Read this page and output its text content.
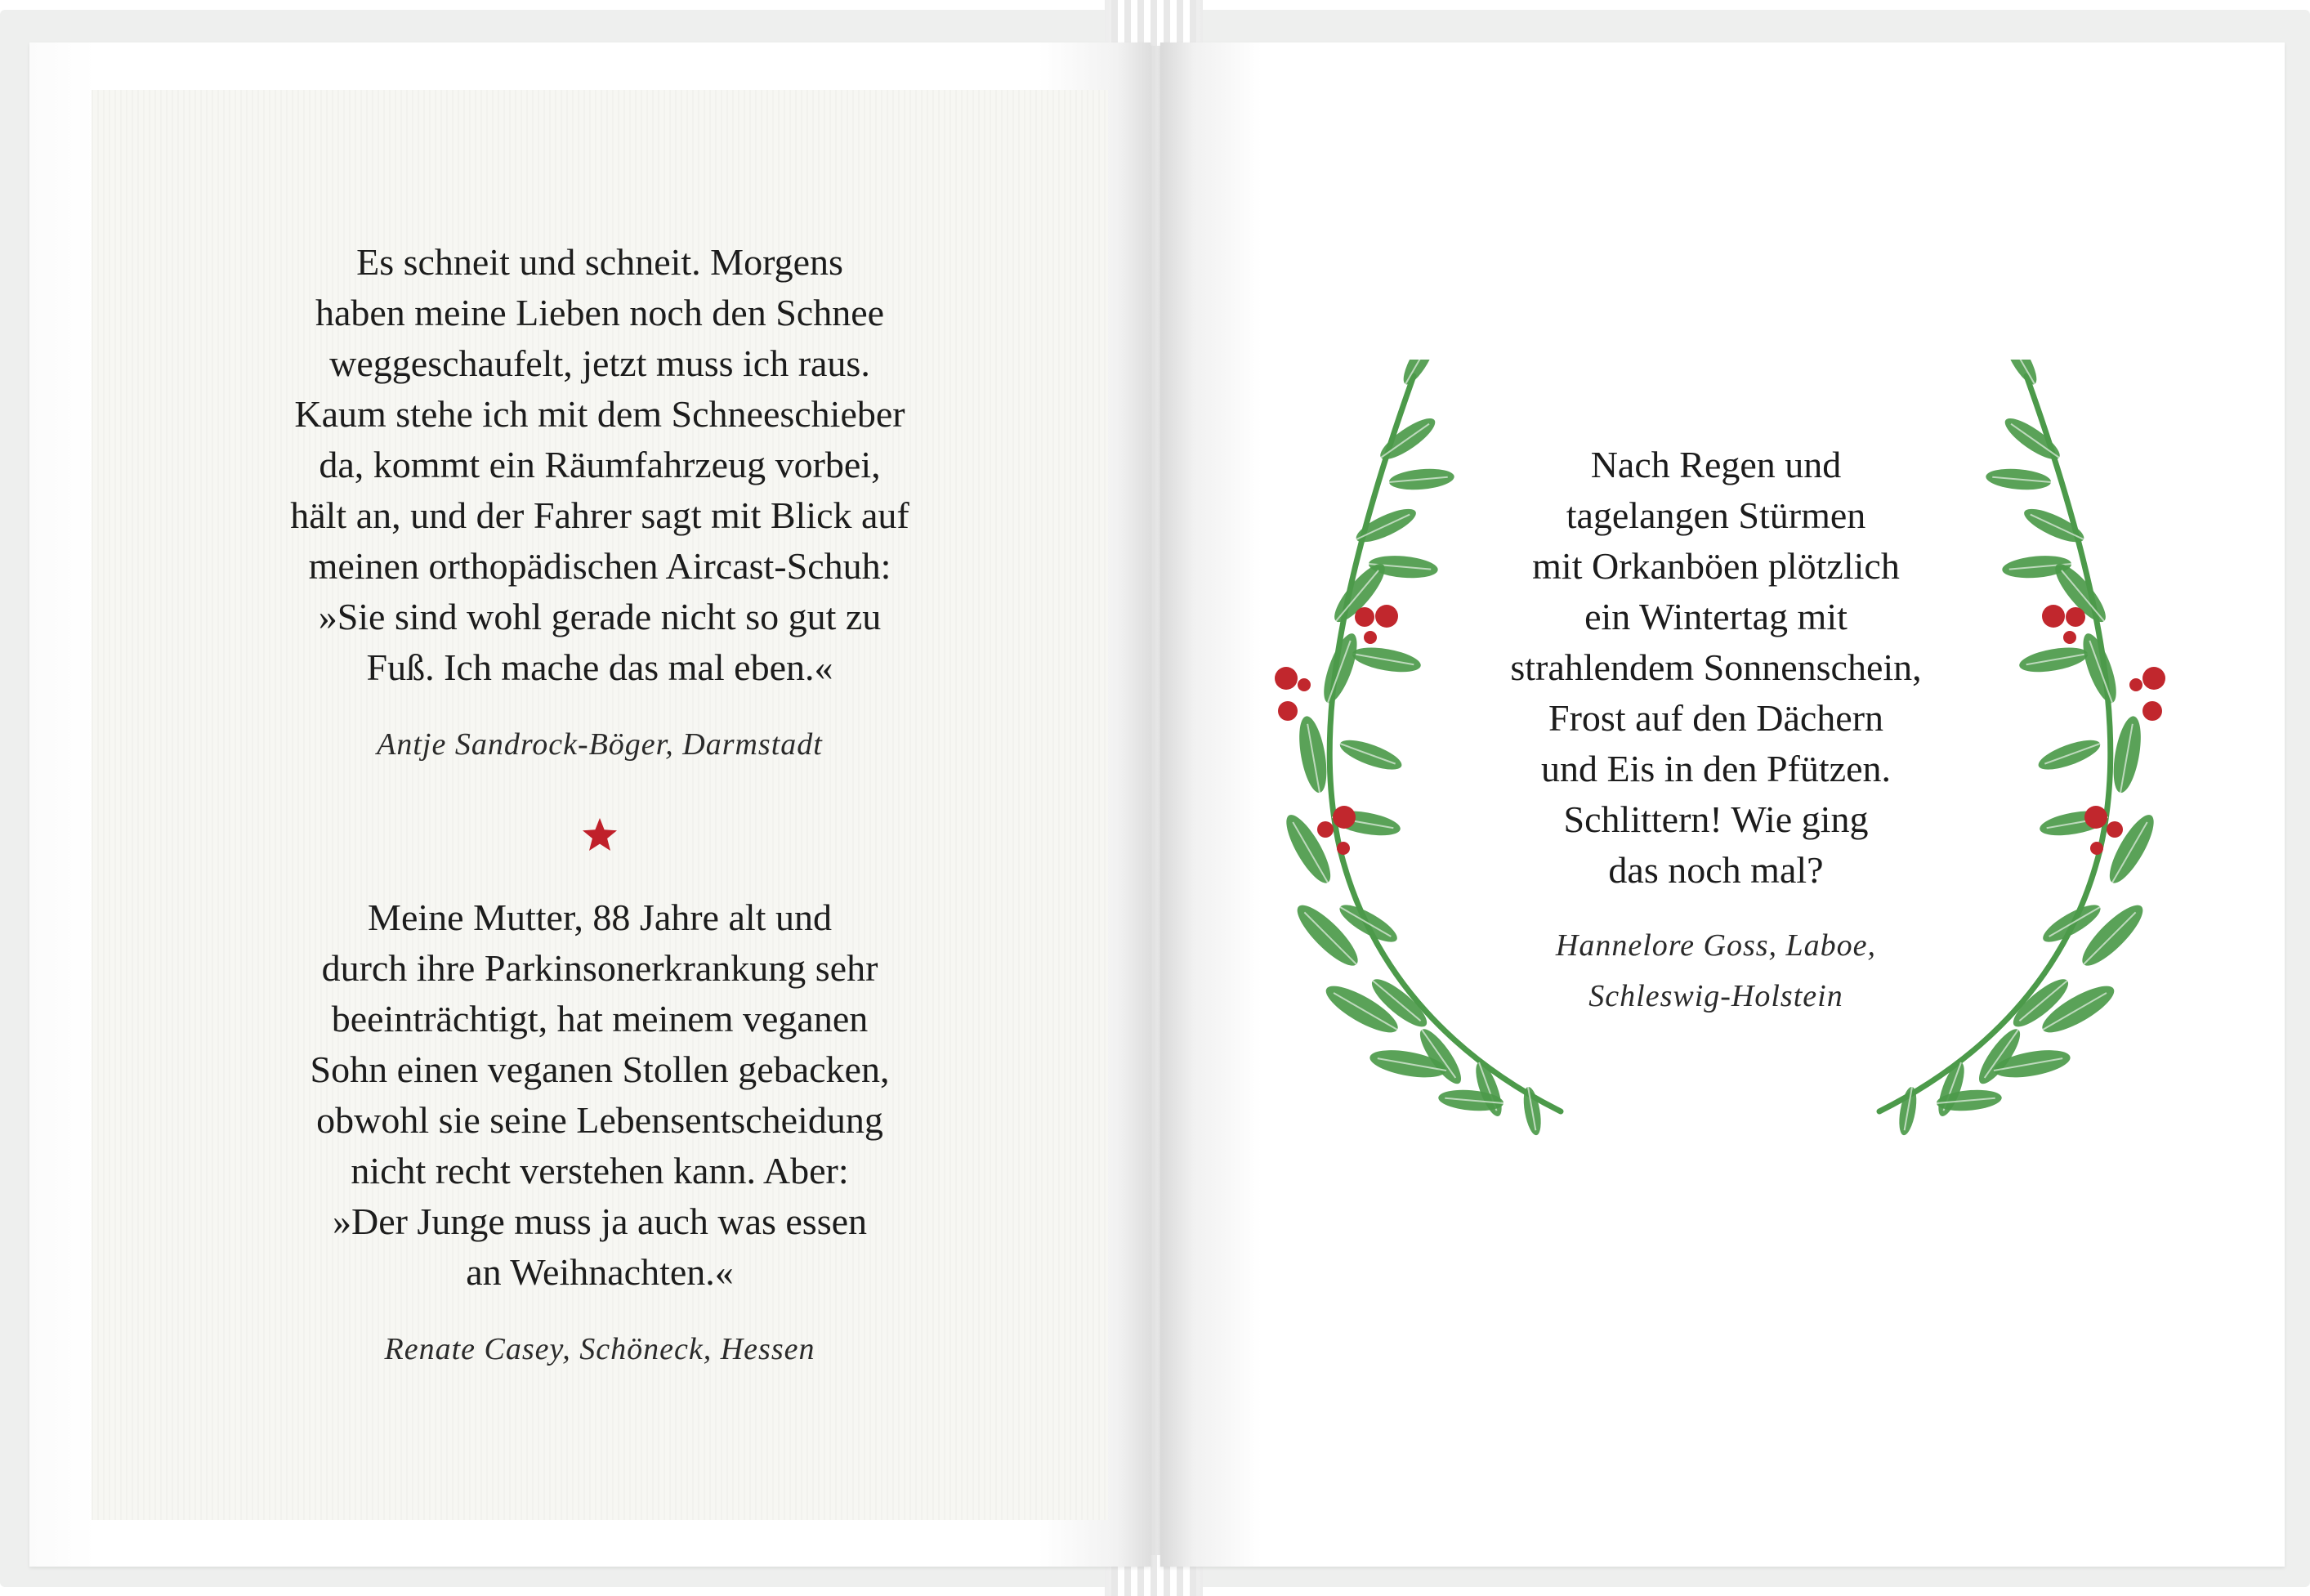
Es schneit und schneit. Morgens
haben meine Lieben noch den Schnee
weggeschaufelt, jetzt muss ich raus.
Kaum stehe ich mit dem Schneeschieber
da, kommt ein Räumfahrzeug vorbei,
hält an, und der Fahrer sagt mit Blick auf
meinen orthopädischen Aircast-Schuh:
»Sie sind wohl gerade nicht so gut zu
Fuß. Ich mache das mal eben.«

Antje Sandrock-Böger, Darmstadt

Meine Mutter, 88 Jahre alt und
durch ihre Parkinsonerkrankung sehr
beeinträchtigt, hat meinem veganen
Sohn einen veganen Stollen gebacken,
obwohl sie seine Lebensentscheidung
nicht recht verstehen kann. Aber:
»Der Junge muss ja auch was essen
an Weihnachten.«

Renate Casey, Schöneck, Hessen

Nach Regen und
tagelangen Stürmen
mit Orkanböen plötzlich
ein Wintertag mit
strahlendem Sonnenschein,
Frost auf den Dächern
und Eis in den Pfützen.
Schlittern! Wie ging
das noch mal?

Hannelore Goss, Laboe,
Schleswig-Holstein
